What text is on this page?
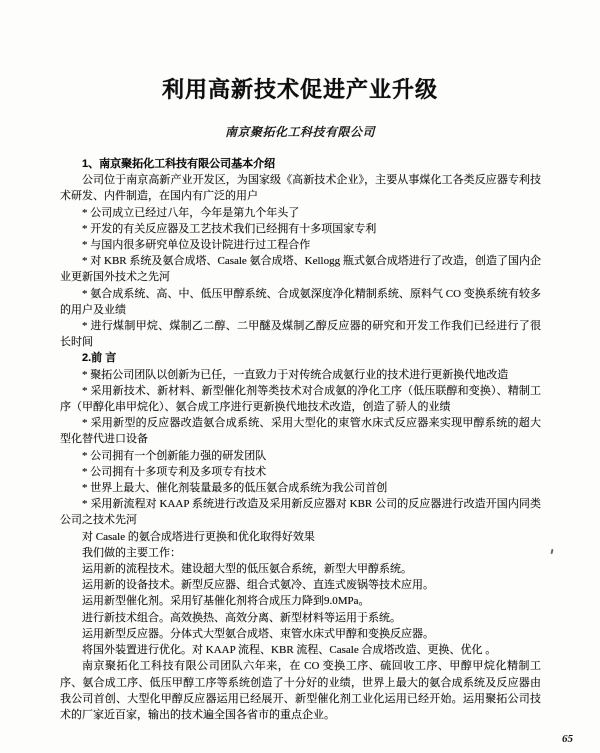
利用高新技术促进产业升级
南京聚拓化工科技有限公司

1、南京聚拓化工科技有限公司基本介绍

公司位于南京高新产业开发区，为国家级《高新技术企业》，主要从事煤化工各类反应器专利技术研发、内件制造，在国内有广泛的用户

* 公司成立已经过八年，今年是第九个年头了

* 开发的有关反应器及工艺技术我们已经拥有十多项国家专利

* 与国内很多研究单位及设计院进行过工程合作

* 对 KBR 系统及氨合成塔、Casale 氨合成塔、Kellogg 瓶式氨合成塔进行了改造，创造了国内企业更新国外技术之先河

* 氨合成系统、高、中、低压甲醇系统、合成氨深度净化精制系统、原料气 CO 变换系统有较多的用户及业绩

* 进行煤制甲烷、煤制乙二醇、二甲醚及煤制乙醇反应器的研究和开发工作我们已经进行了很长时间

2.前 言

* 聚拓公司团队以创新为已任，一直致力于对传统合成氨行业的技术进行更新换代地改造

* 采用新技术、新材料、新型催化剂等类技术对合成氨的净化工序（低压联醇和变换）、精制工序（甲醇化串甲烷化）、氨合成工序进行更新换代地技术改造，创造了骄人的业绩

* 采用新型的反应器改造氨合成系统、采用大型化的束管水床式反应器来实现甲醇系统的超大型化替代进口设备

* 公司拥有一个创新能力强的研发团队

* 公司拥有十多项专利及多项专有技术

* 世界上最大、催化剂装量最多的低压氨合成系统为我公司首创

* 采用新流程对 KAAP 系统进行改造及采用新反应器对 KBR 公司的反应器进行改造开国内同类公司之技术先河

对 Casale 的氨合成塔进行更换和优化取得好效果

我们做的主要工作：

运用新的流程技术。建设超大型的低压氨合系统，新型大甲醇系统。

运用新的设备技术。新型反应器、组合式氨冷、直连式废锅等技术应用。

运用新型催化剂。采用钌基催化剂将合成压力降到9.0MPa。

进行新技术组合。高效换热、高效分离、新型材料等运用于系统。

运用新型反应器。分体式大型氨合成塔、束管水床式甲醇和变换反应器。

将国外装置进行优化。对 KAAP 流程、KBR 流程、Casale 合成塔改造、更换、优化 。

南京聚拓化工科技有限公司团队六年来，在 CO 变换工序、硫回收工序、甲醇甲烷化精制工序、氨合成工序、低压甲醇工序等系统创造了十分好的业绩，世界上最大的氨合成系统及反应器由我公司首创、大型化甲醇反应器运用已经展开、新型催化剂工业化运用已经开始。运用聚拓公司技术的厂家近百家，输出的技术遍全国各省市的重点企业。

65
